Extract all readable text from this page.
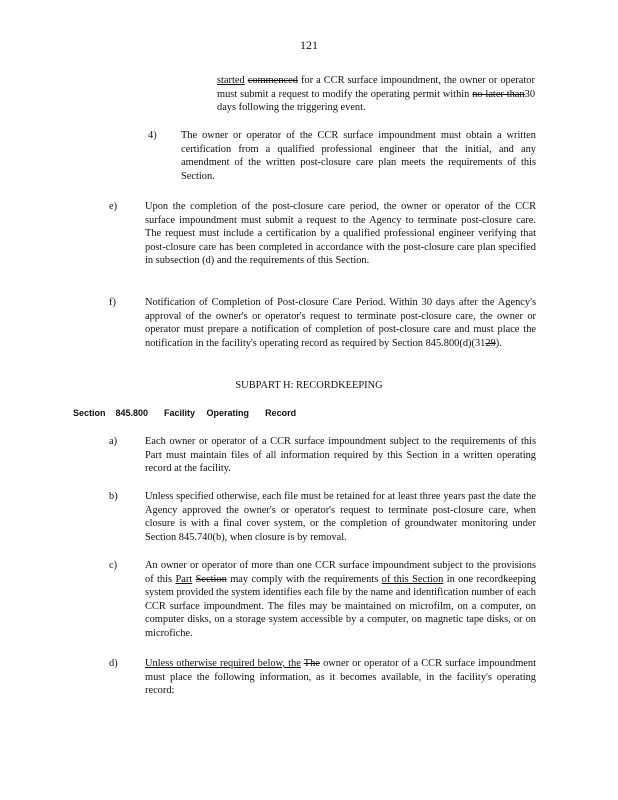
121
started commenced for a CCR surface impoundment, the owner or operator must submit a request to modify the operating permit within no later than30 days following the triggering event.
4) The owner or operator of the CCR surface impoundment must obtain a written certification from a qualified professional engineer that the initial, and any amendment of the written post-closure care plan meets the requirements of this Section.
e)	Upon the completion of the post-closure care period, the owner or operator of the CCR surface impoundment must submit a request to the Agency to terminate post-closure care. The request must include a certification by a qualified professional engineer verifying that post-closure care has been completed in accordance with the post-closure care plan specified in subsection (d) and the requirements of this Section.
f)	Notification of Completion of Post-closure Care Period. Within 30 days after the Agency's approval of the owner's or operator's request to terminate post-closure care, the owner or operator must prepare a notification of completion of post-closure care and must place the notification in the facility's operating record as required by Section 845.800(d)(3129).
SUBPART H: RECORDKEEPING
Section 845.800 Facility Operating Record
a)	Each owner or operator of a CCR surface impoundment subject to the requirements of this Part must maintain files of all information required by this Section in a written operating record at the facility.
b)	Unless specified otherwise, each file must be retained for at least three years past the date the Agency approved the owner's or operator's request to terminate post-closure care, when closure is with a final cover system, or the completion of groundwater monitoring under Section 845.740(b), when closure is by removal.
c)	An owner or operator of more than one CCR surface impoundment subject to the provisions of this Part Section may comply with the requirements of this Section in one recordkeeping system provided the system identifies each file by the name and identification number of each CCR surface impoundment. The files may be maintained on microfilm, on a computer, on computer disks, on a storage system accessible by a computer, on magnetic tape disks, or on microfiche.
d)	Unless otherwise required below, the The owner or operator of a CCR surface impoundment must place the following information, as it becomes available, in the facility's operating record:
